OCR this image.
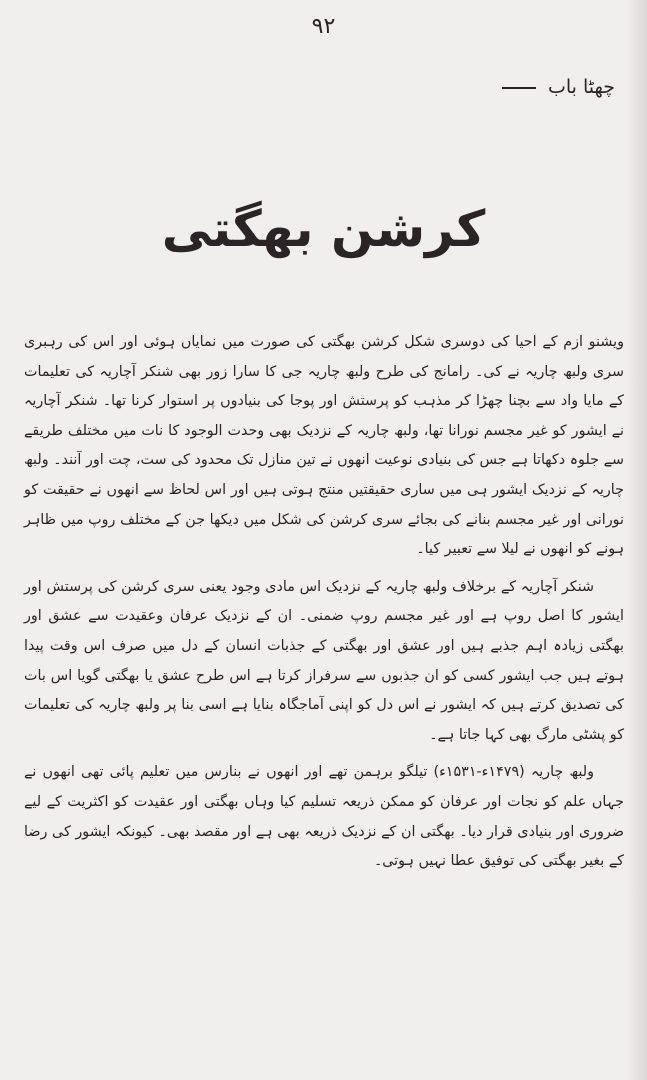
۹۲
چھٹا باب
کرشن بھگتی

ویشنو ازم کے احیا کی دوسری شکل کرشن بھگتی کی صورت میں نمایاں ہوئی اور اس کی رہبری سری ولبھ چاریہ نے کی۔ رامانج کی طرح ولبھ چاریہ جی کا سارا زور بھی شنکر آچاریہ کی تعلیمات کے مایا واد سے بچنا چھڑا کر مذہب کو پرستش اور پوجا کی بنیادوں پر استوار کرنا تھا۔ شنکر آچاریہ نے ایشور کو غیر مجسم نورانا تھا، ولبھ چاریہ کے نزدیک بھی وحدت الوجود کا نات میں مختلف طریقے سے جلوہ دکھاتا ہے جس کی بنیادی نوعیت انھوں نے تین منازل تک محدود کی ست، چت اور آنند۔ ولبھ چاریہ کے نزدیک ایشور ہی میں ساری حقیقتیں منتج ہوتی ہیں اور اس لحاظ سے انھوں نے حقیقت کو نورانی اور غیر مجسم بنانے کی بجائے سری کرشن کی شکل میں دیکھا جن کے مختلف روپ میں ظاہر ہونے کو انھوں نے لیلا سے تعبیر کیا۔

شنکر آچاریہ کے برخلاف ولبھ چاریہ کے نزدیک اس مادی وجود یعنی سری کرشن کی پرستش اور ایشور کا اصل روپ ہے اور غیر مجسم روپ ضمنی۔ ان کے نزدیک عرفان وعقیدت سے عشق اور بھگتی زیادہ اہم جذبے ہیں اور عشق اور بھگتی کے جذبات انسان کے دل میں صرف اس وقت پیدا ہوتے ہیں جب ایشور کسی کو ان جذبوں سے سرفراز کرتا ہے اس طرح عشق یا بھگتی گویا اس بات کی تصدیق کرتے ہیں کہ ایشور نے اس دل کو اپنی آماجگاہ بنایا ہے اسی بنا پر ولبھ چاریہ کی تعلیمات کو پشٹی مارگ بھی کہا جاتا ہے۔

ولبھ چاریہ (۱۴۷۹ء-۱۵۳۱ء) تیلگو برہمن تھے اور انھوں نے بنارس میں تعلیم پائی تھی انھوں نے جہاں علم کو نجات اور عرفان کو ممکن ذریعہ تسلیم کیا وہاں بھگتی اور عقیدت کو اکثریت کے لیے ضروری اور بنیادی قرار دیا۔ بھگتی ان کے نزدیک ذریعہ بھی ہے اور مقصد بھی۔ کیونکہ ایشور کی رضا کے بغیر بھگتی کی توفیق عطا نہیں ہوتی۔
